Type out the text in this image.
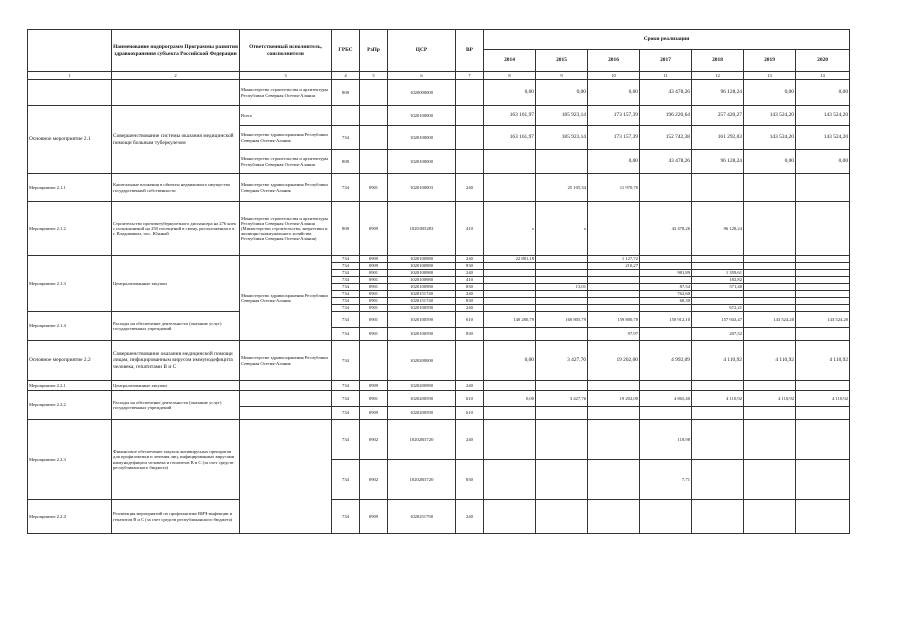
	Наименование подпрограмм Программы развития здравоохранения субъекта Российской Федерации	Ответственный исполнитель, соисполнители	ГРБС	РзПр	ЦСР	ВР	Сроки реализации						
							2014	2015	2016	2017	2018	2019	2020
1	2	3	4	5	6	7	8	9	10	11	12	13	14
		Министерство строительства и архитектуры Республики Северная Осетия-Алания	808		1020000000		0,00	0,00	0,00	43 478,26	96 128,24	0,00	0,00
Основное мероприятие 2.1	Совершенствование системы оказания медицинской помощи больным туберкулезом	Всего			1020100000		163 161,97	185 923,14	173 157,39	196 220,64	257 420,27	143 524,20	143 524,20
		Министерство здравоохранения Республики Северная Осетия-Алания	734		1020100000		163 161,97	185 923,14	173 157,39	152 742,38	161 292,03	143 524,20	143 524,20
		Министерство строительства и архитектуры Республики Северная Осетия-Алания	808		1020100000				0,00	43 478,26	96 128,24	0,00	0,00
Мероприятие 2.1.1	Капитальные вложения в объекты недвижимого имущества государственной собственности	Министерство здравоохранения Республики Северная Осетия-Алания	734	0901	1020100003	240		25 105,34	11 970,70				
Мероприятие 2.1.2	Строительство противотуберкулезного диспансера на 276 коек с поликлиникой на 250 посещений в смену, расположенного в г. Владикавказ, пос. Южный	Министерство строительства и архитектуры Республики Северная Осетия-Алания (Министерство строительства, энергетики и жилищно-коммунального хозяйства Республики Северная Осетия-Алания)	808	0909	10201R5283	410	х	х		43 478,26	96 128,24		
Мероприятие 2.1.3	Централизованные закупки	Министерство здравоохранения Республики Северная Осетия-Алания	734	0909	1020100980	240	22 881,18		1 127,72				
			734	0909	1020100980	830			210,27				
			734	0901	1020100980	240				981,89	1 359,61		
			734	0901	1020100980	410					182,82		
			734	0901	1020100980	830		13,01		87,54	571,40		
			734	0901	1020151740	240				762,60			
			734	0901	1020151740	830				68,30			
			734	0901	1020100590	240					672,21		
Мероприятие 2.1.4	Расходы на обеспечение деятельности (оказание услуг) государственных учреждений		734	0901	1020100590	610	140 280,79	160 805,79	159 800,78	150 912,10	157 943,47	143 524,20	143 524,20
			734	0901	1020100590	830			97,97		207,52		
Основное мероприятие 2.2	Совершенствование оказания медицинской помощи лицам, инфицированным вирусом иммунодефицита человека, гепатитами B и C	Министерство здравоохранения Республики Северная Осетия-Алания	734		1020200000		0,00	3 427,76	19 202,00	4 992,09	4 110,92	4 110,92	4 110,92
Мероприятие 2.2.1	Централизованные закупки		734	0909	1020200980	240							
Мероприятие 2.2.2	Расходы на обеспечение деятельности (оказание услуг) государственных учреждений		734	0901	1020200590	610	0,00	3 427,76	19 202,00	4 865,40	4 110,92	4 110,92	4 110,92
			734	0909	1020200590	610							
Мероприятие 2.2.3	Финансовое обеспечение закупок антивирусных препаратов для профилактики и лечения лиц, инфицированных вирусами иммунодефицита человека и гепатитов B и C (за счет средств республиканского бюджета)		734	0902	10202R3720	240				118,98			
			734	0902	10202R3720	830				7,71			
Мероприятие 2.2.4	Реализация мероприятий по профилактике ВИЧ-инфекции и гепатитов B и C (за счет средств республиканского бюджета)		734	0909	1020251790	240							
